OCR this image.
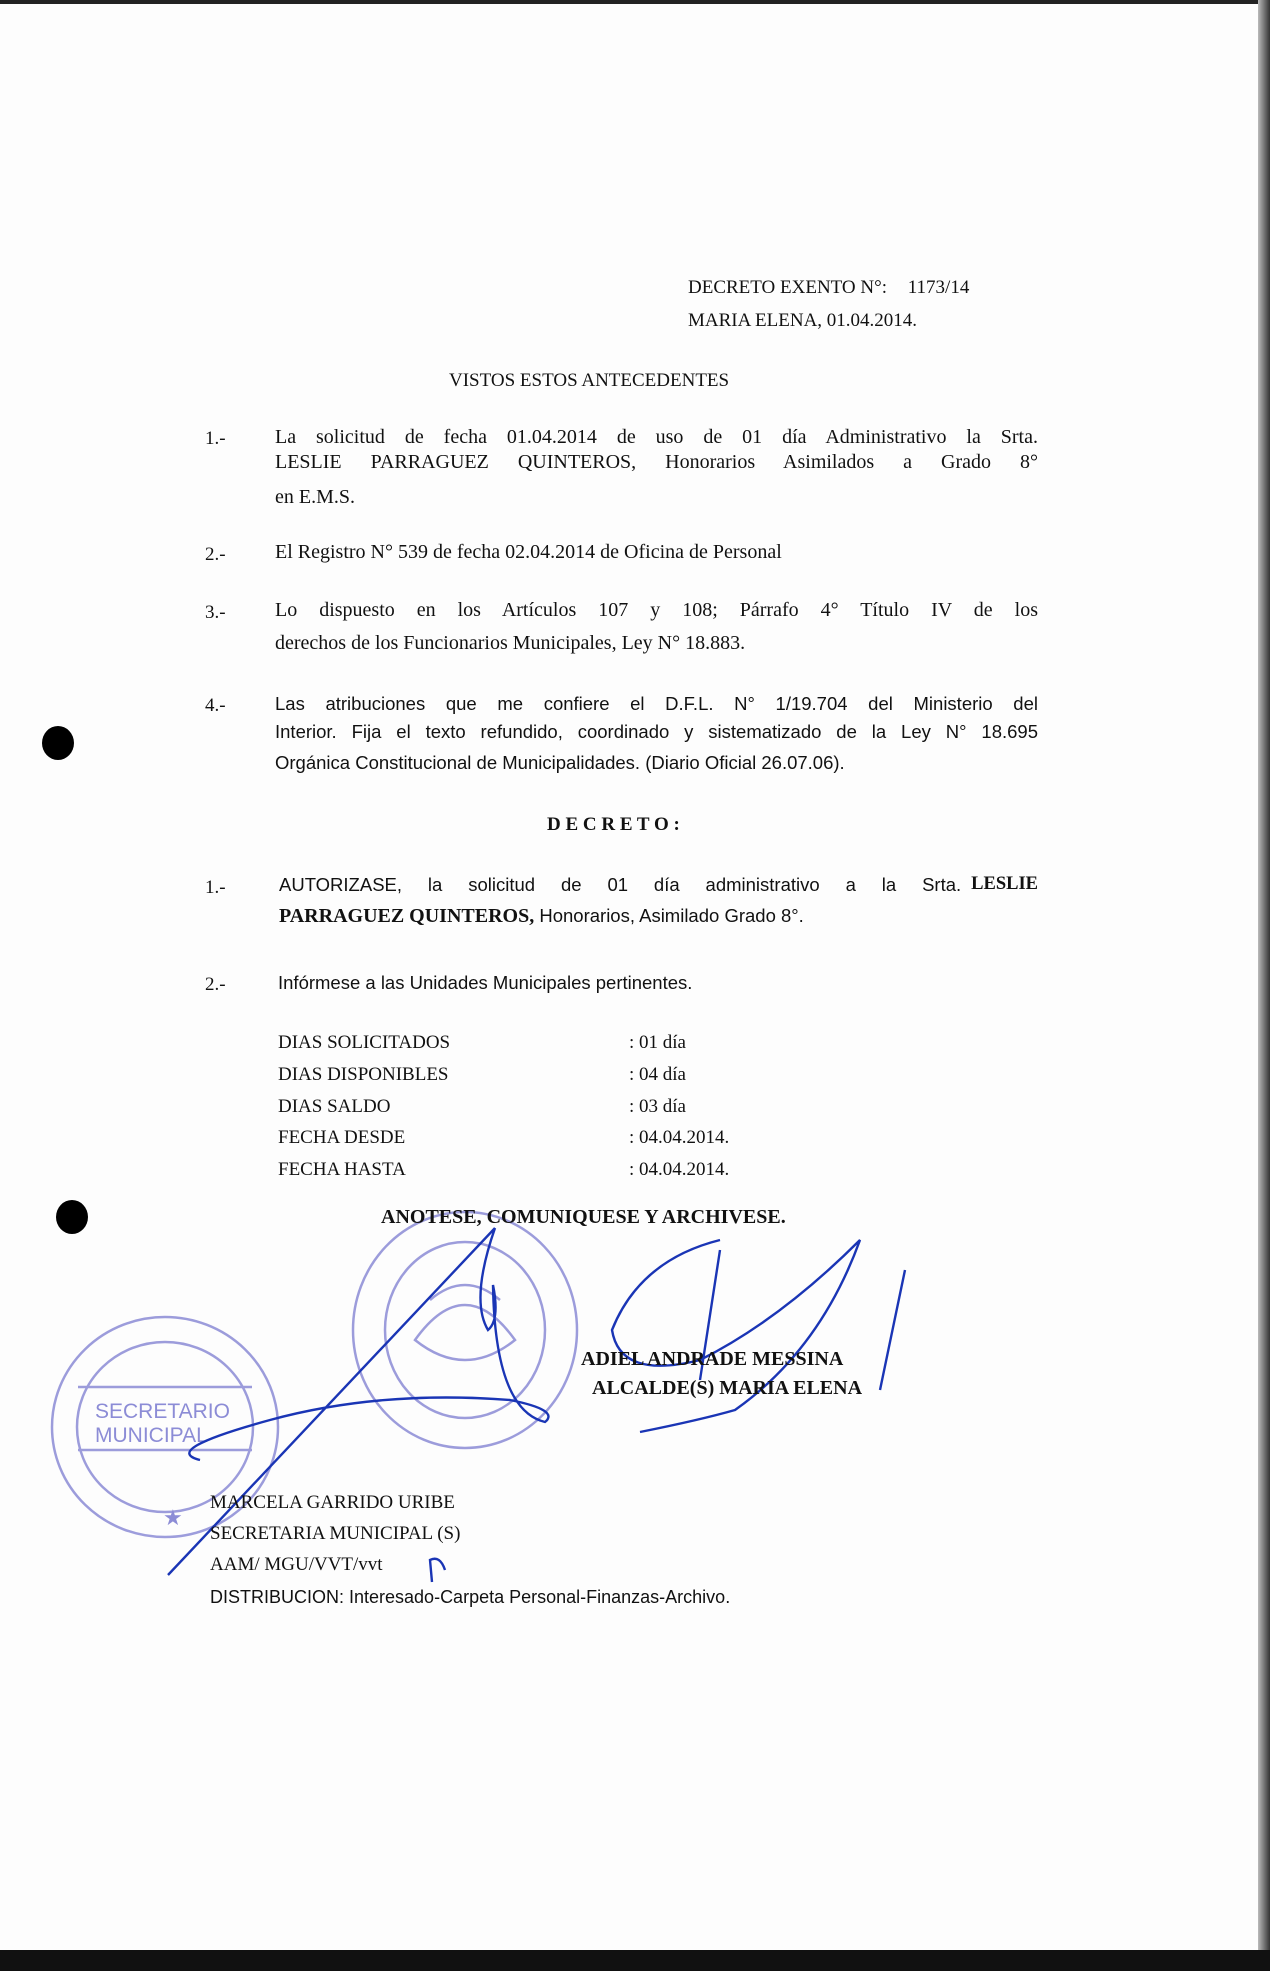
SECRETARIO
MUNICIPAL
★
DECRETO EXENTO N°: 1173/14
MARIA ELENA, 01.04.2014.
VISTOS ESTOS ANTECEDENTES
1.- La solicitud de fecha 01.04.2014 de uso de 01 día Administrativo la Srta.
LESLIE PARRAGUEZ QUINTEROS, Honorarios Asimilados a Grado 8°
en E.M.S.
2.- El Registro N° 539 de fecha 02.04.2014 de Oficina de Personal
3.- Lo dispuesto en los Artículos 107 y 108; Párrafo 4° Título IV de los
derechos de los Funcionarios Municipales, Ley N° 18.883.
4.-	Las atribuciones que me confiere el D.F.L. N° 1/19.704 del Ministerio del
Interior. Fija el texto refundido, coordinado y sistematizado de la Ley N° 18.695
Orgánica Constitucional de Municipalidades. (Diario Oficial 26.07.06).
D E C R E T O :
1.-	AUTORIZASE, la solicitud de 01 día administrativo a la Srta. LESLIE
PARRAGUEZ QUINTEROS, Honorarios, Asimilado Grado 8°.
2.-	Infórmese a las Unidades Municipales pertinentes.
DIAS SOLICITADOS	: 01 día
DIAS DISPONIBLES	: 04 día
DIAS SALDO	: 03 día
FECHA DESDE	: 04.04.2014.
FECHA HASTA	: 04.04.2014.
ANOTESE, COMUNIQUESE Y ARCHIVESE.
ADIEL ANDRADE MESSINA
ALCALDE(S) MARIA ELENA
MARCELA GARRIDO URIBE
SECRETARIA MUNICIPAL (S)
AAM/ MGU/VVT/vvt
DISTRIBUCION: Interesado-Carpeta Personal-Finanzas-Archivo.
